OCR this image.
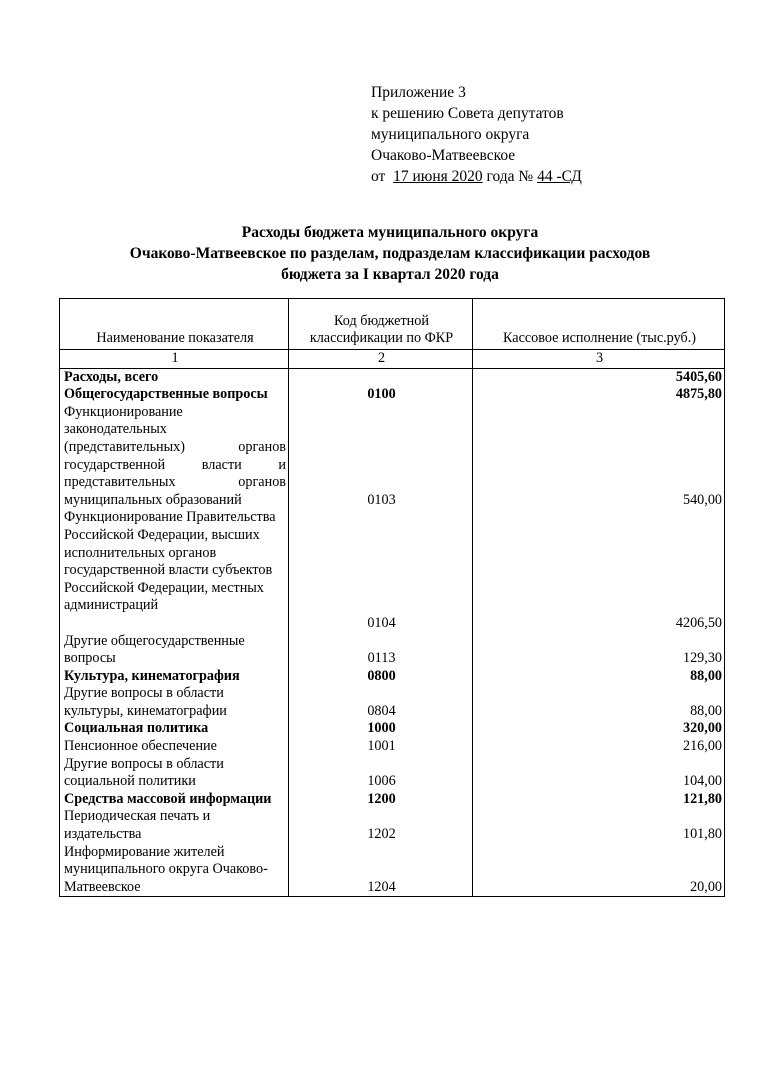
Приложение 3
к решению Совета депутатов
муниципального округа
Очаково-Матвеевское
от 17 июня 2020 года № 44 -СД
Расходы бюджета муниципального округа
Очаково-Матвеевское по разделам, подразделам классификации расходов
бюджета за I квартал 2020 года
Наименование показателя	Код бюджетной классификации по ФКР	Кассовое исполнение (тыс.руб.)
1	2	3
Расходы, всего		5405,60
Общегосударственные вопросы	0100	4875,80
Функционирование законодательных (представительных) органов государственной власти и представительных органов муниципальных образований	0103	540,00
Функционирование Правительства Российской Федерации, высших исполнительных органов государственной власти субъектов Российской Федерации, местных администраций	0104	4206,50
Другие общегосударственные вопросы	0113	129,30
Культура, кинематография	0800	88,00
Другие вопросы в области культуры, кинематографии	0804	88,00
Социальная политика	1000	320,00
Пенсионное обеспечение	1001	216,00
Другие вопросы в области социальной политики	1006	104,00
Средства массовой информации	1200	121,80
Периодическая печать и издательства	1202	101,80
Информирование жителей муниципального округа Очаково-Матвеевское	1204	20,00
